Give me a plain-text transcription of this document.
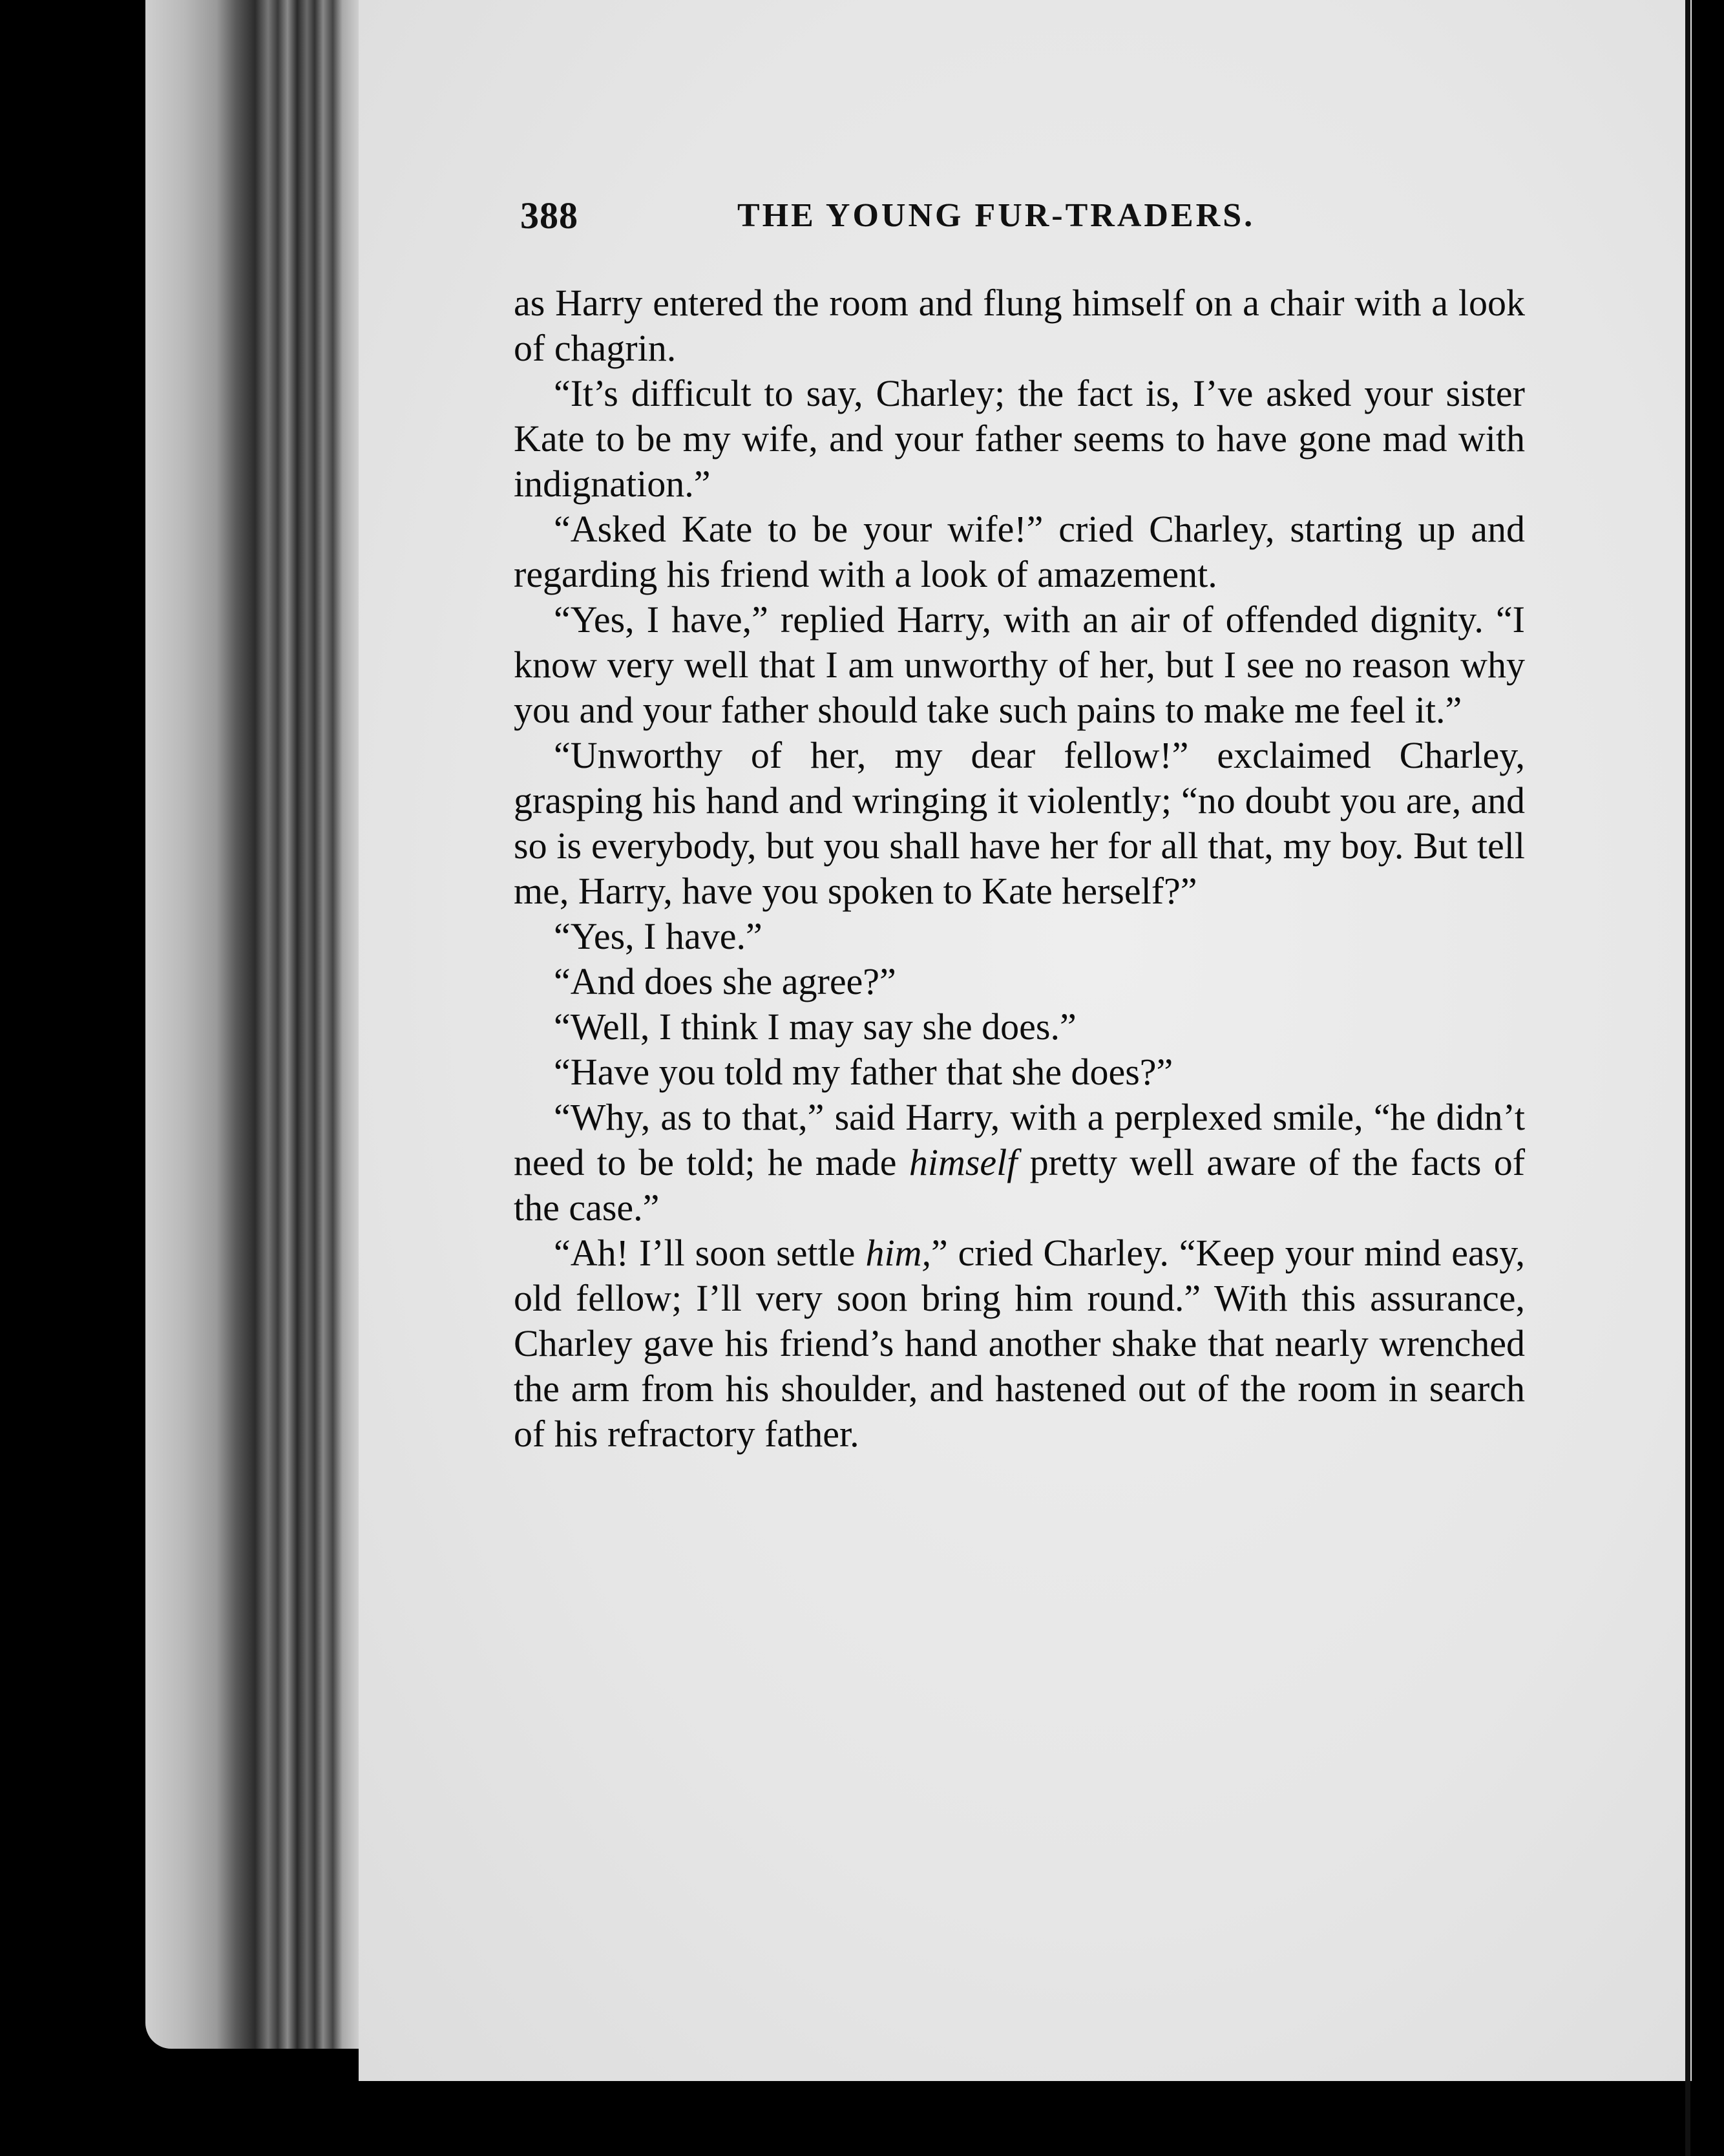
388	THE YOUNG FUR-TRADERS.

as Harry entered the room and flung himself on a chair with a look of chagrin.

“It’s difficult to say, Charley; the fact is, I’ve asked your sister Kate to be my wife, and your father seems to have gone mad with indignation.”

“Asked Kate to be your wife!” cried Charley, starting up and regarding his friend with a look of amazement.

“Yes, I have,” replied Harry, with an air of offended dignity. “I know very well that I am unworthy of her, but I see no reason why you and your father should take such pains to make me feel it.”

“Unworthy of her, my dear fellow!” exclaimed Charley, grasping his hand and wringing it violently; “no doubt you are, and so is everybody, but you shall have her for all that, my boy. But tell me, Harry, have you spoken to Kate herself?”

“Yes, I have.”

“And does she agree?”

“Well, I think I may say she does.”

“Have you told my father that she does?”

“Why, as to that,” said Harry, with a perplexed smile, “he didn’t need to be told; he made himself pretty well aware of the facts of the case.”

“Ah! I’ll soon settle him,” cried Charley. “Keep your mind easy, old fellow; I’ll very soon bring him round.” With this assurance, Charley gave his friend’s hand another shake that nearly wrenched the arm from his shoulder, and hastened out of the room in search of his refractory father.
